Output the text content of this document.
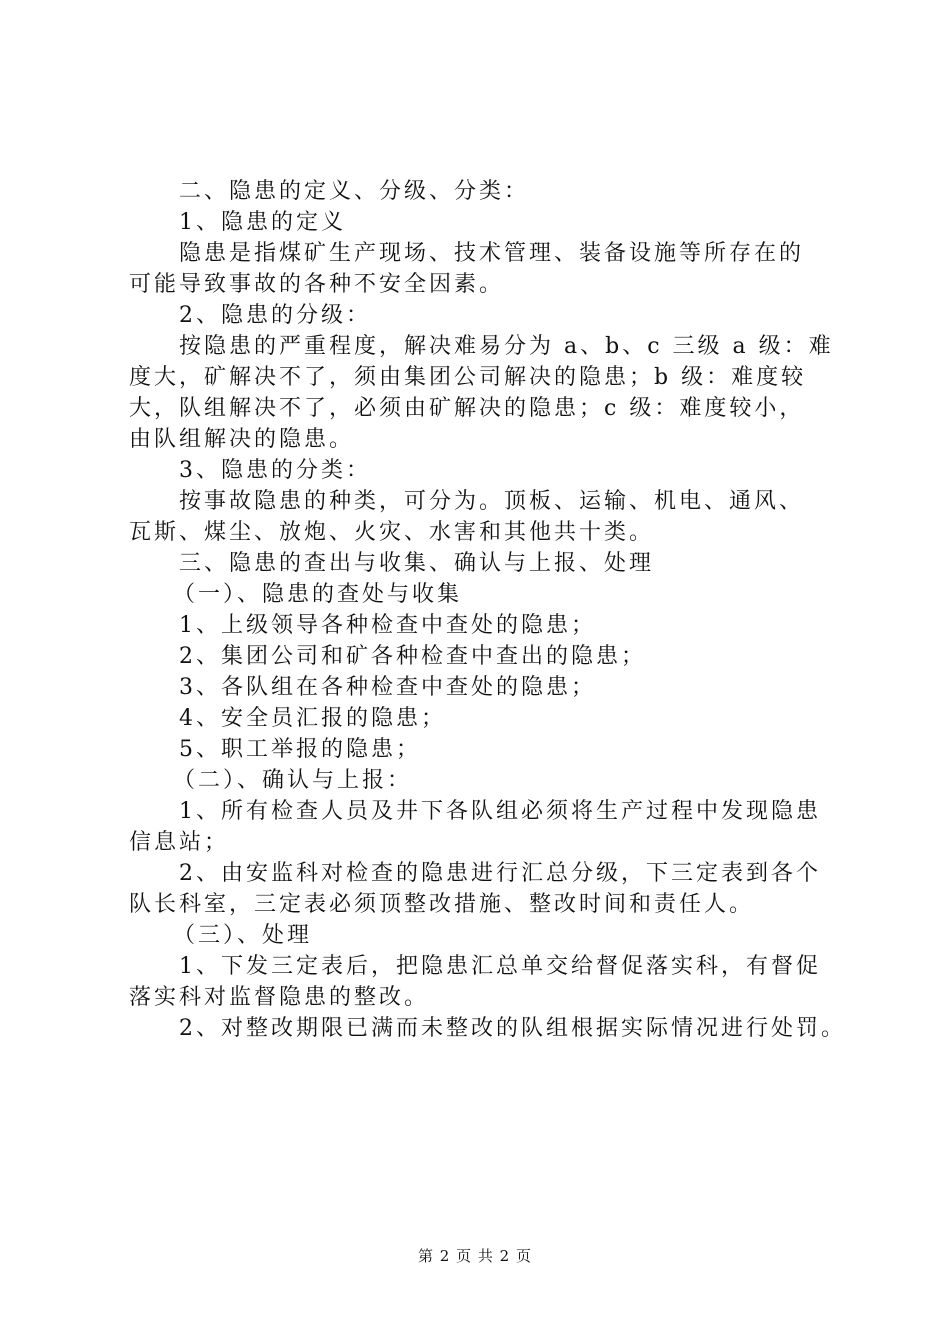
二、隐患的定义、分级、分类：

1、隐患的定义

隐患是指煤矿生产现场、技术管理、装备设施等所存在的

可能导致事故的各种不安全因素。

2、隐患的分级：

按隐患的严重程度，解决难易分为 a、b、c 三级 a 级：难

度大，矿解决不了，须由集团公司解决的隐患；b 级：难度较

大，队组解决不了，必须由矿解决的隐患；c 级：难度较小，

由队组解决的隐患。

3、隐患的分类：

按事故隐患的种类，可分为。顶板、运输、机电、通风、

瓦斯、煤尘、放炮、火灾、水害和其他共十类。

三、隐患的查出与收集、确认与上报、处理

（一）、隐患的查处与收集

1、上级领导各种检查中查处的隐患；

2、集团公司和矿各种检查中查出的隐患；

3、各队组在各种检查中查处的隐患；

4、安全员汇报的隐患；

5、职工举报的隐患；

（二）、确认与上报：

1、所有检查人员及井下各队组必须将生产过程中发现隐患

信息站；

2、由安监科对检查的隐患进行汇总分级，下三定表到各个

队长科室，三定表必须顶整改措施、整改时间和责任人。

（三）、处理

1、下发三定表后，把隐患汇总单交给督促落实科，有督促

落实科对监督隐患的整改。

2、对整改期限已满而未整改的队组根据实际情况进行处罚。

第 2 页 共 2 页
